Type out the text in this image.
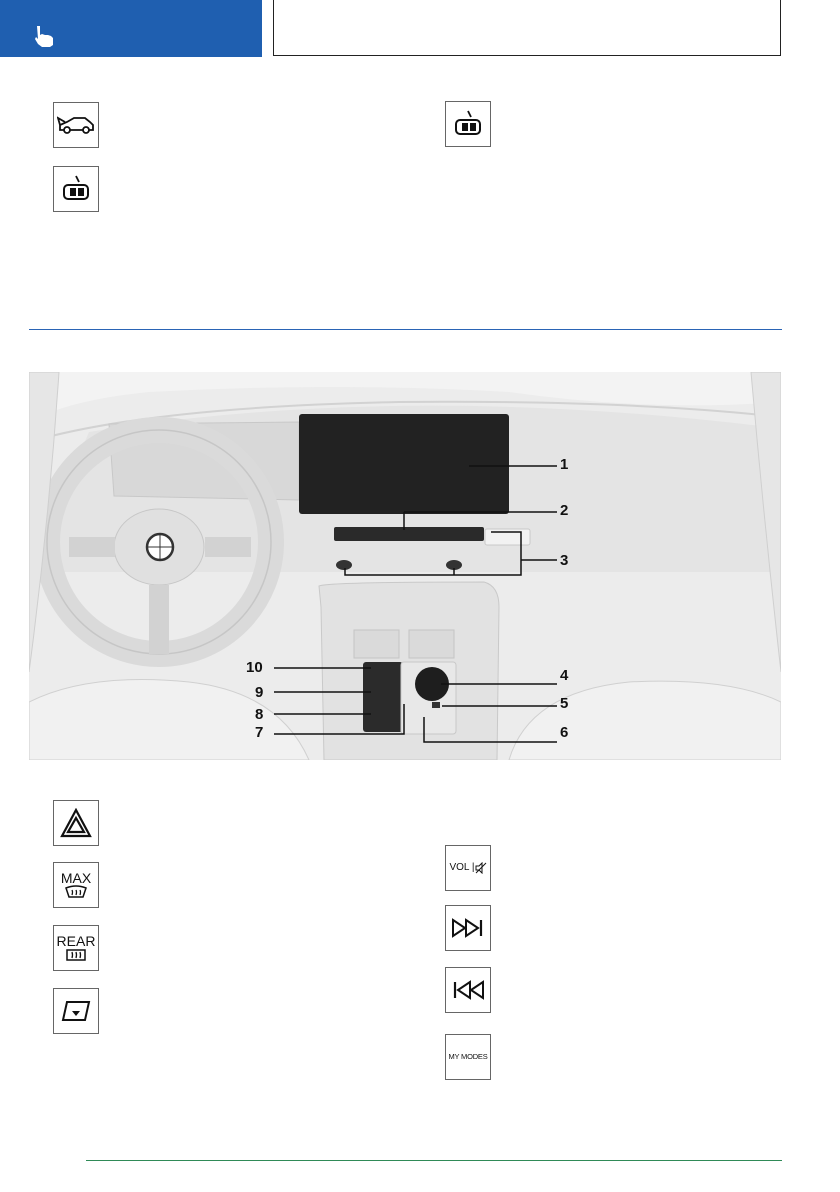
1
2
3
4
5
6
7
8
9
10
MAX
REAR
VOL |
MY MODES
